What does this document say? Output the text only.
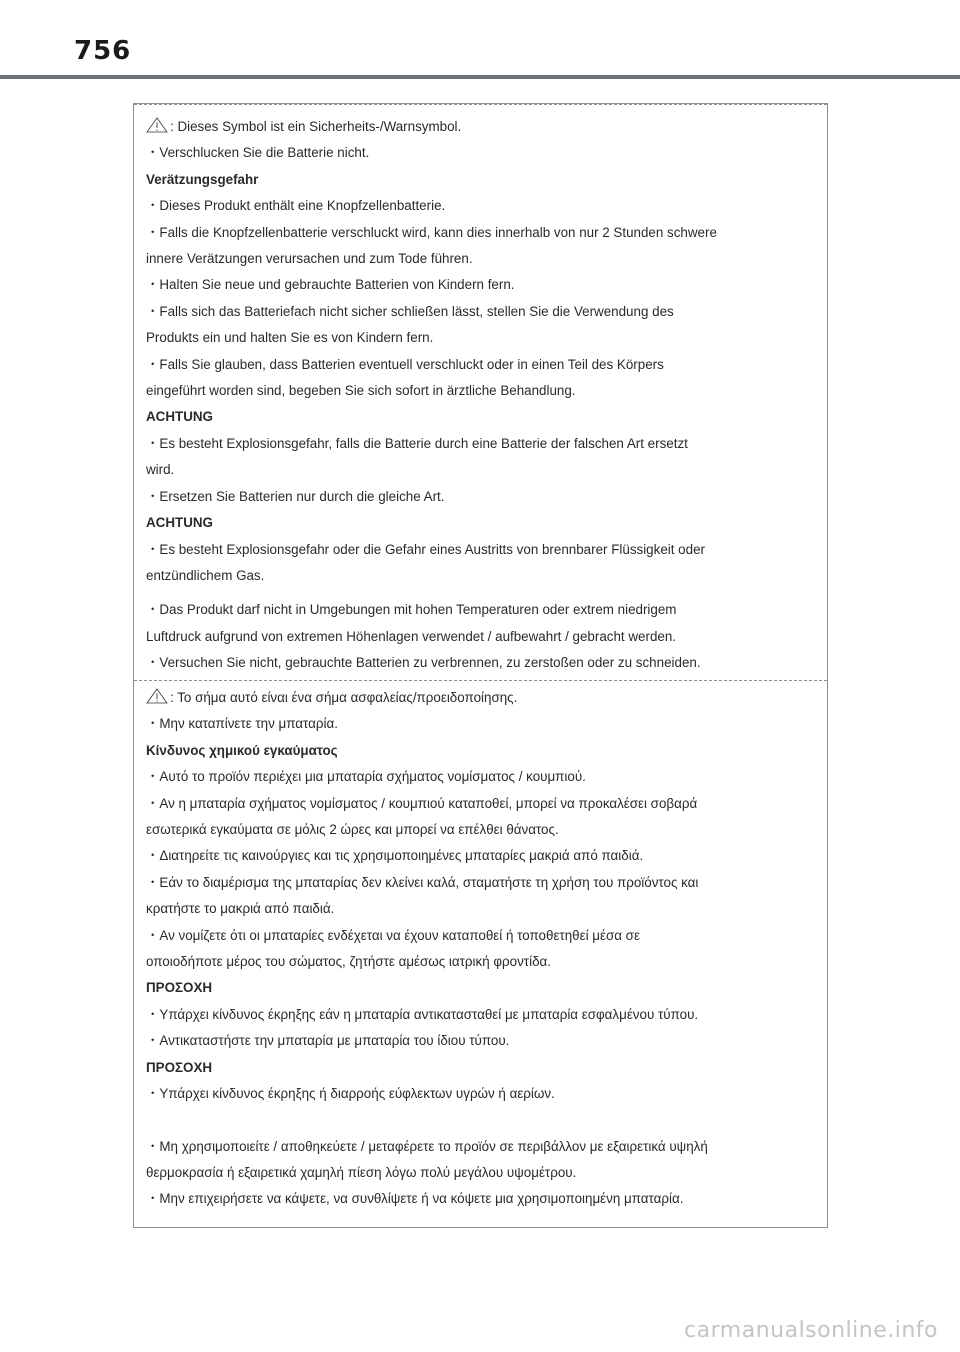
756
: Dieses Symbol ist ein Sicherheits-/Warnsymbol.
・Verschlucken Sie die Batterie nicht.
Verätzungsgefahr
・Dieses Produkt enthält eine Knopfzellenbatterie.
・Falls die Knopfzellenbatterie verschluckt wird, kann dies innerhalb von nur 2 Stunden schwere
innere Verätzungen verursachen und zum Tode führen.
・Halten Sie neue und gebrauchte Batterien von Kindern fern.
・Falls sich das Batteriefach nicht sicher schließen lässt, stellen Sie die Verwendung des
Produkts ein und halten Sie es von Kindern fern.
・Falls Sie glauben, dass Batterien eventuell verschluckt oder in einen Teil des Körpers
eingeführt worden sind, begeben Sie sich sofort in ärztliche Behandlung.
ACHTUNG
・Es besteht Explosionsgefahr, falls die Batterie durch eine Batterie der falschen Art ersetzt
wird.
・Ersetzen Sie Batterien nur durch die gleiche Art.
ACHTUNG
・Es besteht Explosionsgefahr oder die Gefahr eines Austritts von brennbarer Flüssigkeit oder
entzündlichem Gas.
・Das Produkt darf nicht in Umgebungen mit hohen Temperaturen oder extrem niedrigem
Luftdruck aufgrund von extremen Höhenlagen verwendet / aufbewahrt / gebracht werden.
・Versuchen Sie nicht, gebrauchte Batterien zu verbrennen, zu zerstoßen oder zu schneiden.
: Το σήμα αυτό είναι ένα σήμα ασφαλείας/προειδοποίησης.
・Μην καταπίνετε την μπαταρία.
Κίνδυνος χημικού εγκαύματος
・Αυτό το προϊόν περιέχει μια μπαταρία σχήματος νομίσματος / κουμπιού.
・Αν η μπαταρία σχήματος νομίσματος / κουμπιού καταποθεί, μπορεί να προκαλέσει σοβαρά
εσωτερικά εγκαύματα σε μόλις 2 ώρες και μπορεί να επέλθει θάνατος.
・Διατηρείτε τις καινούργιες και τις χρησιμοποιημένες μπαταρίες μακριά από παιδιά.
・Εάν το διαμέρισμα της μπαταρίας δεν κλείνει καλά, σταματήστε τη χρήση του προϊόντος και
κρατήστε το μακριά από παιδιά.
・Αν νομίζετε ότι οι μπαταρίες ενδέχεται να έχουν καταποθεί ή τοποθετηθεί μέσα σε
οποιοδήποτε μέρος του σώματος, ζητήστε αμέσως ιατρική φροντίδα.
ΠΡΟΣΟΧΗ
・Υπάρχει κίνδυνος έκρηξης εάν η μπαταρία αντικατασταθεί με μπαταρία εσφαλμένου τύπου.
・Αντικαταστήστε την μπαταρία με μπαταρία του ίδιου τύπου.
ΠΡΟΣΟΧΗ
・Υπάρχει κίνδυνος έκρηξης ή διαρροής εύφλεκτων υγρών ή αερίων.
・Μη χρησιμοποιείτε / αποθηκεύετε / μεταφέρετε το προϊόν σε περιβάλλον με εξαιρετικά υψηλή
θερμοκρασία ή εξαιρετικά χαμηλή πίεση λόγω πολύ μεγάλου υψομέτρου.
・Μην επιχειρήσετε να κάψετε, να συνθλίψετε ή να κόψετε μια χρησιμοποιημένη μπαταρία.
carmanualsonline.info
